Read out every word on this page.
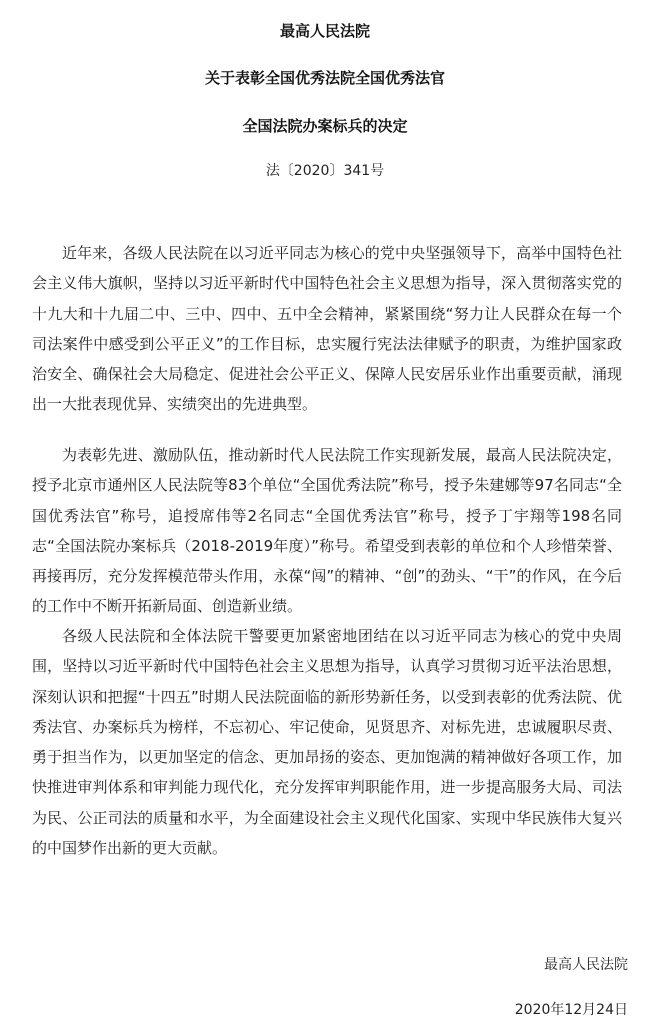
最高人民法院
关于表彰全国优秀法院全国优秀法官
全国法院办案标兵的决定
法〔2020〕341号

近年来，各级人民法院在以习近平同志为核心的党中央坚强领导下，高举中国特色社会主义伟大旗帜，坚持以习近平新时代中国特色社会主义思想为指导，深入贯彻落实党的十九大和十九届二中、三中、四中、五中全会精神，紧紧围绕“努力让人民群众在每一个司法案件中感受到公平正义”的工作目标，忠实履行宪法法律赋予的职责，为维护国家政治安全、确保社会大局稳定、促进社会公平正义、保障人民安居乐业作出重要贡献，涌现出一大批表现优异、实绩突出的先进典型。

为表彰先进、激励队伍，推动新时代人民法院工作实现新发展，最高人民法院决定，授予北京市通州区人民法院等83个单位“全国优秀法院”称号，授予朱建娜等97名同志“全国优秀法官”称号，追授席伟等2名同志“全国优秀法官”称号，授予丁宇翔等198名同志“全国法院办案标兵（2018-2019年度）”称号。希望受到表彰的单位和个人珍惜荣誉、再接再厉，充分发挥模范带头作用，永葆“闯”的精神、“创”的劲头、“干”的作风，在今后的工作中不断开拓新局面、创造新业绩。

各级人民法院和全体法院干警要更加紧密地团结在以习近平同志为核心的党中央周围，坚持以习近平新时代中国特色社会主义思想为指导，认真学习贯彻习近平法治思想，深刻认识和把握“十四五”时期人民法院面临的新形势新任务，以受到表彰的优秀法院、优秀法官、办案标兵为榜样，不忘初心、牢记使命，见贤思齐、对标先进，忠诚履职尽责、勇于担当作为，以更加坚定的信念、更加昂扬的姿态、更加饱满的精神做好各项工作，加快推进审判体系和审判能力现代化，充分发挥审判职能作用，进一步提高服务大局、司法为民、公正司法的质量和水平，为全面建设社会主义现代化国家、实现中华民族伟大复兴的中国梦作出新的更大贡献。

最高人民法院
2020年12月24日
